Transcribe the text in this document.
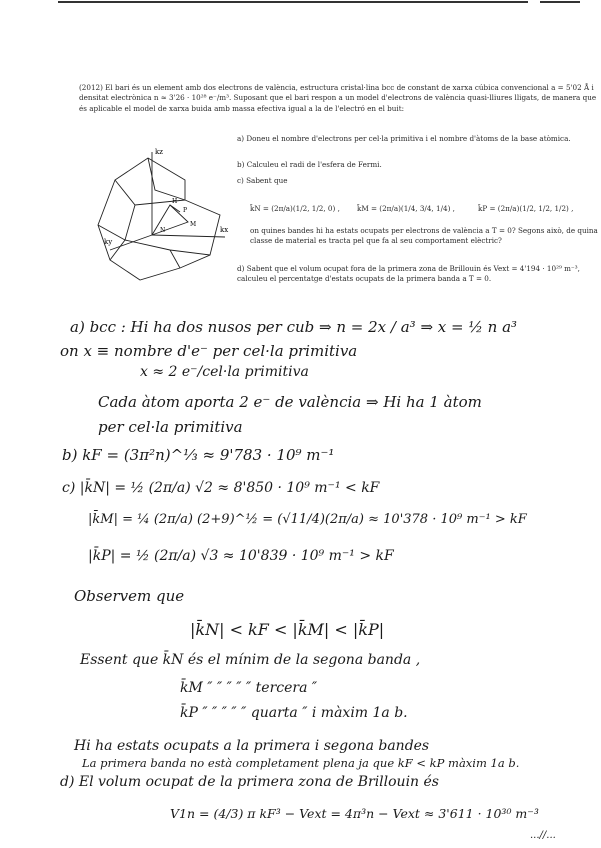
(2012) El bari és un element amb dos electrons de valència, estructura cristal·lina bcc de constant de xarxa cúbica convencional a = 5'02 Å i densitat electrònica n ≈ 3'26 · 10²⁸ e⁻/m³. Suposant que el bari respon a un model d'electrons de valència quasi-lliures lligats, de manera que és aplicable el model de xarxa buida amb massa efectiva igual a la de l'electró en el buit:
a) Doneu el nombre d'electrons per cel·la primitiva i el nombre d'àtoms de la base atòmica.
b) Calculeu el radi de l'esfera de Fermi.
c) Sabent que
k̄N = (2π/a)(1/2, 1/2, 0) , k̄M = (2π/a)(1/4, 3/4, 1/4) ,	k̄P = (2π/a)(1/2, 1/2, 1/2) ,
on quines bandes hi ha estats ocupats per electrons de valència a T = 0? Segons això, de quina classe de material es tracta pel que fa al seu comportament elèctric?
d) Sabent que el volum ocupat fora de la primera zona de Brillouin és Vext = 4'194 · 10²⁹ m⁻³, calculeu el percentatge d'estats ocupats de la primera banda a T = 0.
kz
ky
kx
H
N
P
M
a) bcc : Hi ha dos nusos per cub ⇒ n = 2x / a³ ⇒ x = ½ n a³
on x ≡ nombre d'e⁻ per cel·la primitiva
x ≈ 2 e⁻/cel·la primitiva
Cada àtom aporta 2 e⁻ de valència ⇒ Hi ha 1 àtom
per cel·la primitiva
b) kF = (3π²n)^⅓ ≈ 9'783 · 10⁹ m⁻¹
c) |k̄N| = ½ (2π/a) √2 ≈ 8'850 · 10⁹ m⁻¹ < kF
|k̄M| = ¼ (2π/a) (2+9)^½ = (√11/4)(2π/a) ≈ 10'378 · 10⁹ m⁻¹ > kF
|k̄P| = ½ (2π/a) √3 ≈ 10'839 · 10⁹ m⁻¹ > kF
Observem que
|k̄N| < kF < |k̄M| < |k̄P|
Essent que k̄N és el mínim de la segona banda ,
k̄M ″ ″ ″ ″ ″ tercera ″
k̄P ″ ″ ″ ″ ″ quarta ″ i màxim 1a b.
Hi ha estats ocupats a la primera i segona bandes
La primera banda no està completament plena ja que kF < kP màxim 1a b.
d) El volum ocupat de la primera zona de Brillouin és
V1n = (4/3) π kF³ − Vext = 4π³n − Vext ≈ 3'611 · 10³⁰ m⁻³
...//...
